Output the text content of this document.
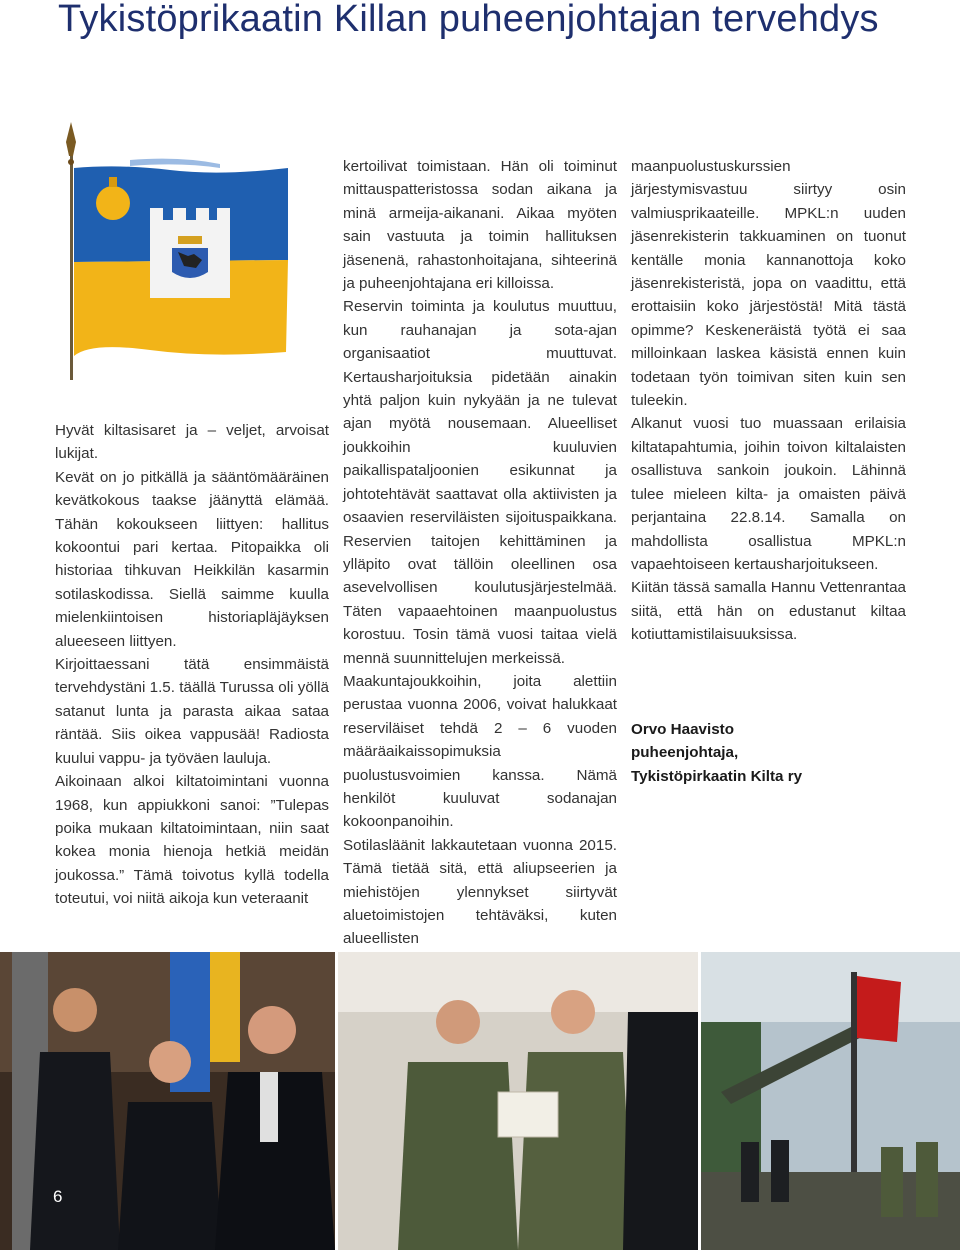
Tykistöprikaatin Killan puheenjohtajan tervehdys

Hyvät kiltasisaret ja – veljet, arvoisat lukijat.

Kevät on jo pitkällä ja sääntömääräinen kevätkokous taakse jäänyttä elämää. Tähän kokoukseen liittyen: hallitus kokoontui pari kertaa. Pitopaikka oli historiaa tihkuvan Heikkilän kasarmin sotilaskodissa. Siellä saimme kuulla mielenkiintoisen historiapläjäyksen alueeseen liittyen.

Kirjoittaessani tätä ensimmäistä tervehdystäni 1.5. täällä Turussa oli yöllä satanut lunta ja parasta aikaa sataa räntää. Siis oikea vappusää! Radiosta kuului vappu- ja työväen lauluja.

Aikoinaan alkoi kiltatoimintani vuonna 1968, kun appiukkoni sanoi: ”Tulepas poika mukaan kiltatoimintaan, niin saat kokea monia hienoja hetkiä meidän joukossa.” Tämä toivotus kyllä todella toteutui, voi niitä aikoja kun veteraanit

kertoilivat toimistaan. Hän oli toiminut mittauspatteristossa sodan aikana ja minä armeija-aikanani. Aikaa myöten sain vastuuta ja toimin hallituksen jäsenenä, rahastonhoitajana, sihteerinä ja puheenjohtajana eri killoissa.

Reservin toiminta ja koulutus muuttuu, kun rauhanajan ja sota-ajan organisaatiot muuttuvat. Kertausharjoituksia pidetään ainakin yhtä paljon kuin nykyään ja ne tulevat ajan myötä nousemaan. Alueelliset joukkoihin kuuluvien paikallispataljoonien esikunnat ja johtotehtävät saattavat olla aktiivisten ja osaavien reserviläisten sijoituspaikkana. Reservien taitojen kehittäminen ja ylläpito ovat tällöin oleellinen osa asevelvollisen koulutusjärjestelmää. Täten vapaaehtoinen maanpuolustus korostuu. Tosin tämä vuosi taitaa vielä mennä suunnittelujen merkeissä.

Maakuntajoukkoihin, joita alettiin perustaa vuonna 2006, voivat halukkaat reserviläiset tehdä 2 – 6 vuoden määräaikaissopimuksia puolustusvoimien kanssa. Nämä henkilöt kuuluvat sodanajan kokoonpanoihin.

Sotilasläänit lakkautetaan vuonna 2015. Tämä tietää sitä, että aliupseerien ja miehistöjen ylennykset siirtyvät aluetoimistojen tehtäväksi, kuten alueellisten

maanpuolustuskurssien järjestymisvastuu siirtyy osin valmiusprikaateille. MPKL:n uuden jäsenrekisterin takkuaminen on tuonut kentälle monia kannanottoja koko jäsenrekisteristä, jopa on vaadittu, että erottaisiin koko järjestöstä! Mitä tästä opimme? Keskeneräistä työtä ei saa milloinkaan laskea käsistä ennen kuin todetaan työn toimivan siten kuin sen tuleekin.

Alkanut vuosi tuo muassaan erilaisia kiltatapahtumia, joihin toivon kiltalaisten osallistuva sankoin joukoin. Lähinnä tulee mieleen kilta- ja omaisten päivä perjantaina 22.8.14. Samalla on mahdollista osallistua MPKL:n vapaehtoiseen kertausharjoitukseen.

Kiitän tässä samalla Hannu Vettenrantaa siitä, että hän on edustanut kiltaa kotiuttamistilaisuuksissa.

Orvo Haavisto
puheenjohtaja,
Tykistöpirkaatin Kilta ry

6
